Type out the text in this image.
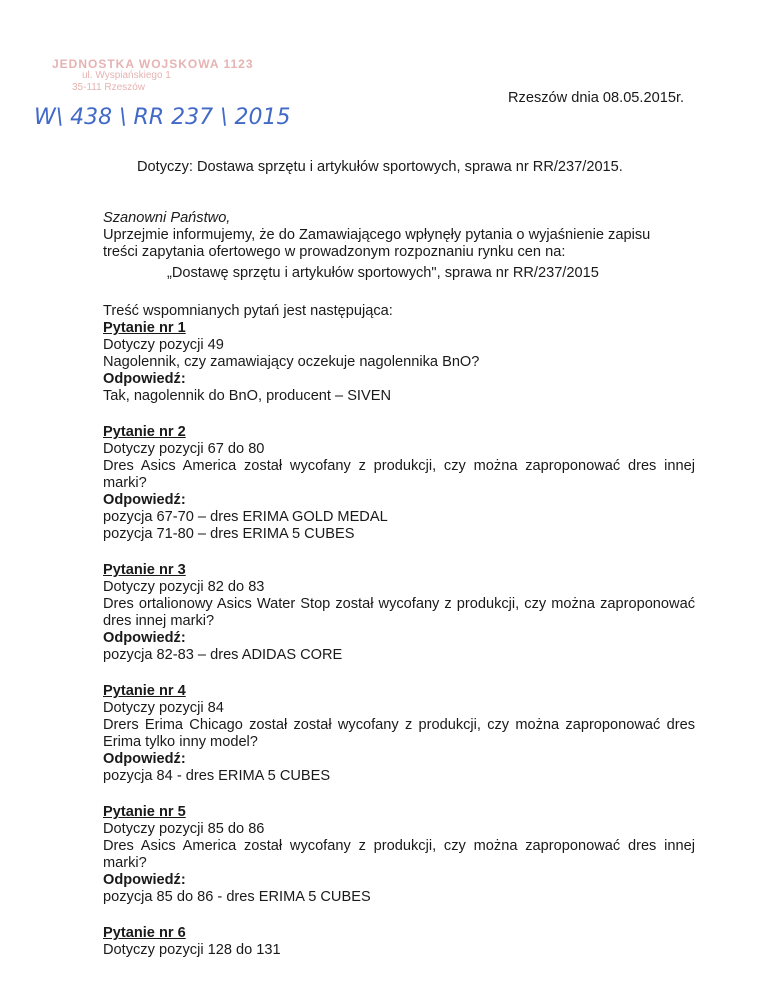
JEDNOSTKA WOJSKOWA 1123
ul. Wyspiańskiego 1
35-111 Rzeszów
W\ 438 \ RR 237 \ 2015
Rzeszów dnia 08.05.2015r.
Dotyczy: Dostawa sprzętu i artykułów sportowych, sprawa nr RR/237/2015.

Szanowni Państwo,

Uprzejmie informujemy, że do Zamawiającego wpłynęły pytania o wyjaśnienie zapisu

treści zapytania ofertowego w prowadzonym rozpoznaniu rynku cen na:

„Dostawę sprzętu i artykułów sportowych", sprawa nr RR/237/2015

Treść wspomnianych pytań jest następująca:

Pytanie nr 1

Dotyczy pozycji 49

Nagolennik, czy zamawiający oczekuje nagolennika BnO?

Odpowiedź:

Tak, nagolennik do BnO, producent – SIVEN

Pytanie nr 2

Dotyczy pozycji 67 do 80

Dres Asics America został wycofany z produkcji, czy można zaproponować dres innej marki?

Odpowiedź:

pozycja 67-70 – dres ERIMA GOLD MEDAL

pozycja 71-80 – dres ERIMA 5 CUBES

Pytanie nr 3

Dotyczy pozycji 82 do 83

Dres ortalionowy Asics Water Stop został wycofany z produkcji, czy można zaproponować dres innej marki?

Odpowiedź:

pozycja 82-83 – dres ADIDAS CORE

Pytanie nr 4

Dotyczy pozycji 84

Drers Erima Chicago został został wycofany z produkcji, czy można zaproponować dres Erima tylko inny model?

Odpowiedź:

pozycja 84 - dres ERIMA 5 CUBES

Pytanie nr 5

Dotyczy pozycji 85 do 86

Dres Asics America został wycofany z produkcji, czy można zaproponować dres innej marki?

Odpowiedź:

pozycja 85 do 86 - dres ERIMA 5 CUBES

Pytanie nr 6

Dotyczy pozycji 128 do 131
